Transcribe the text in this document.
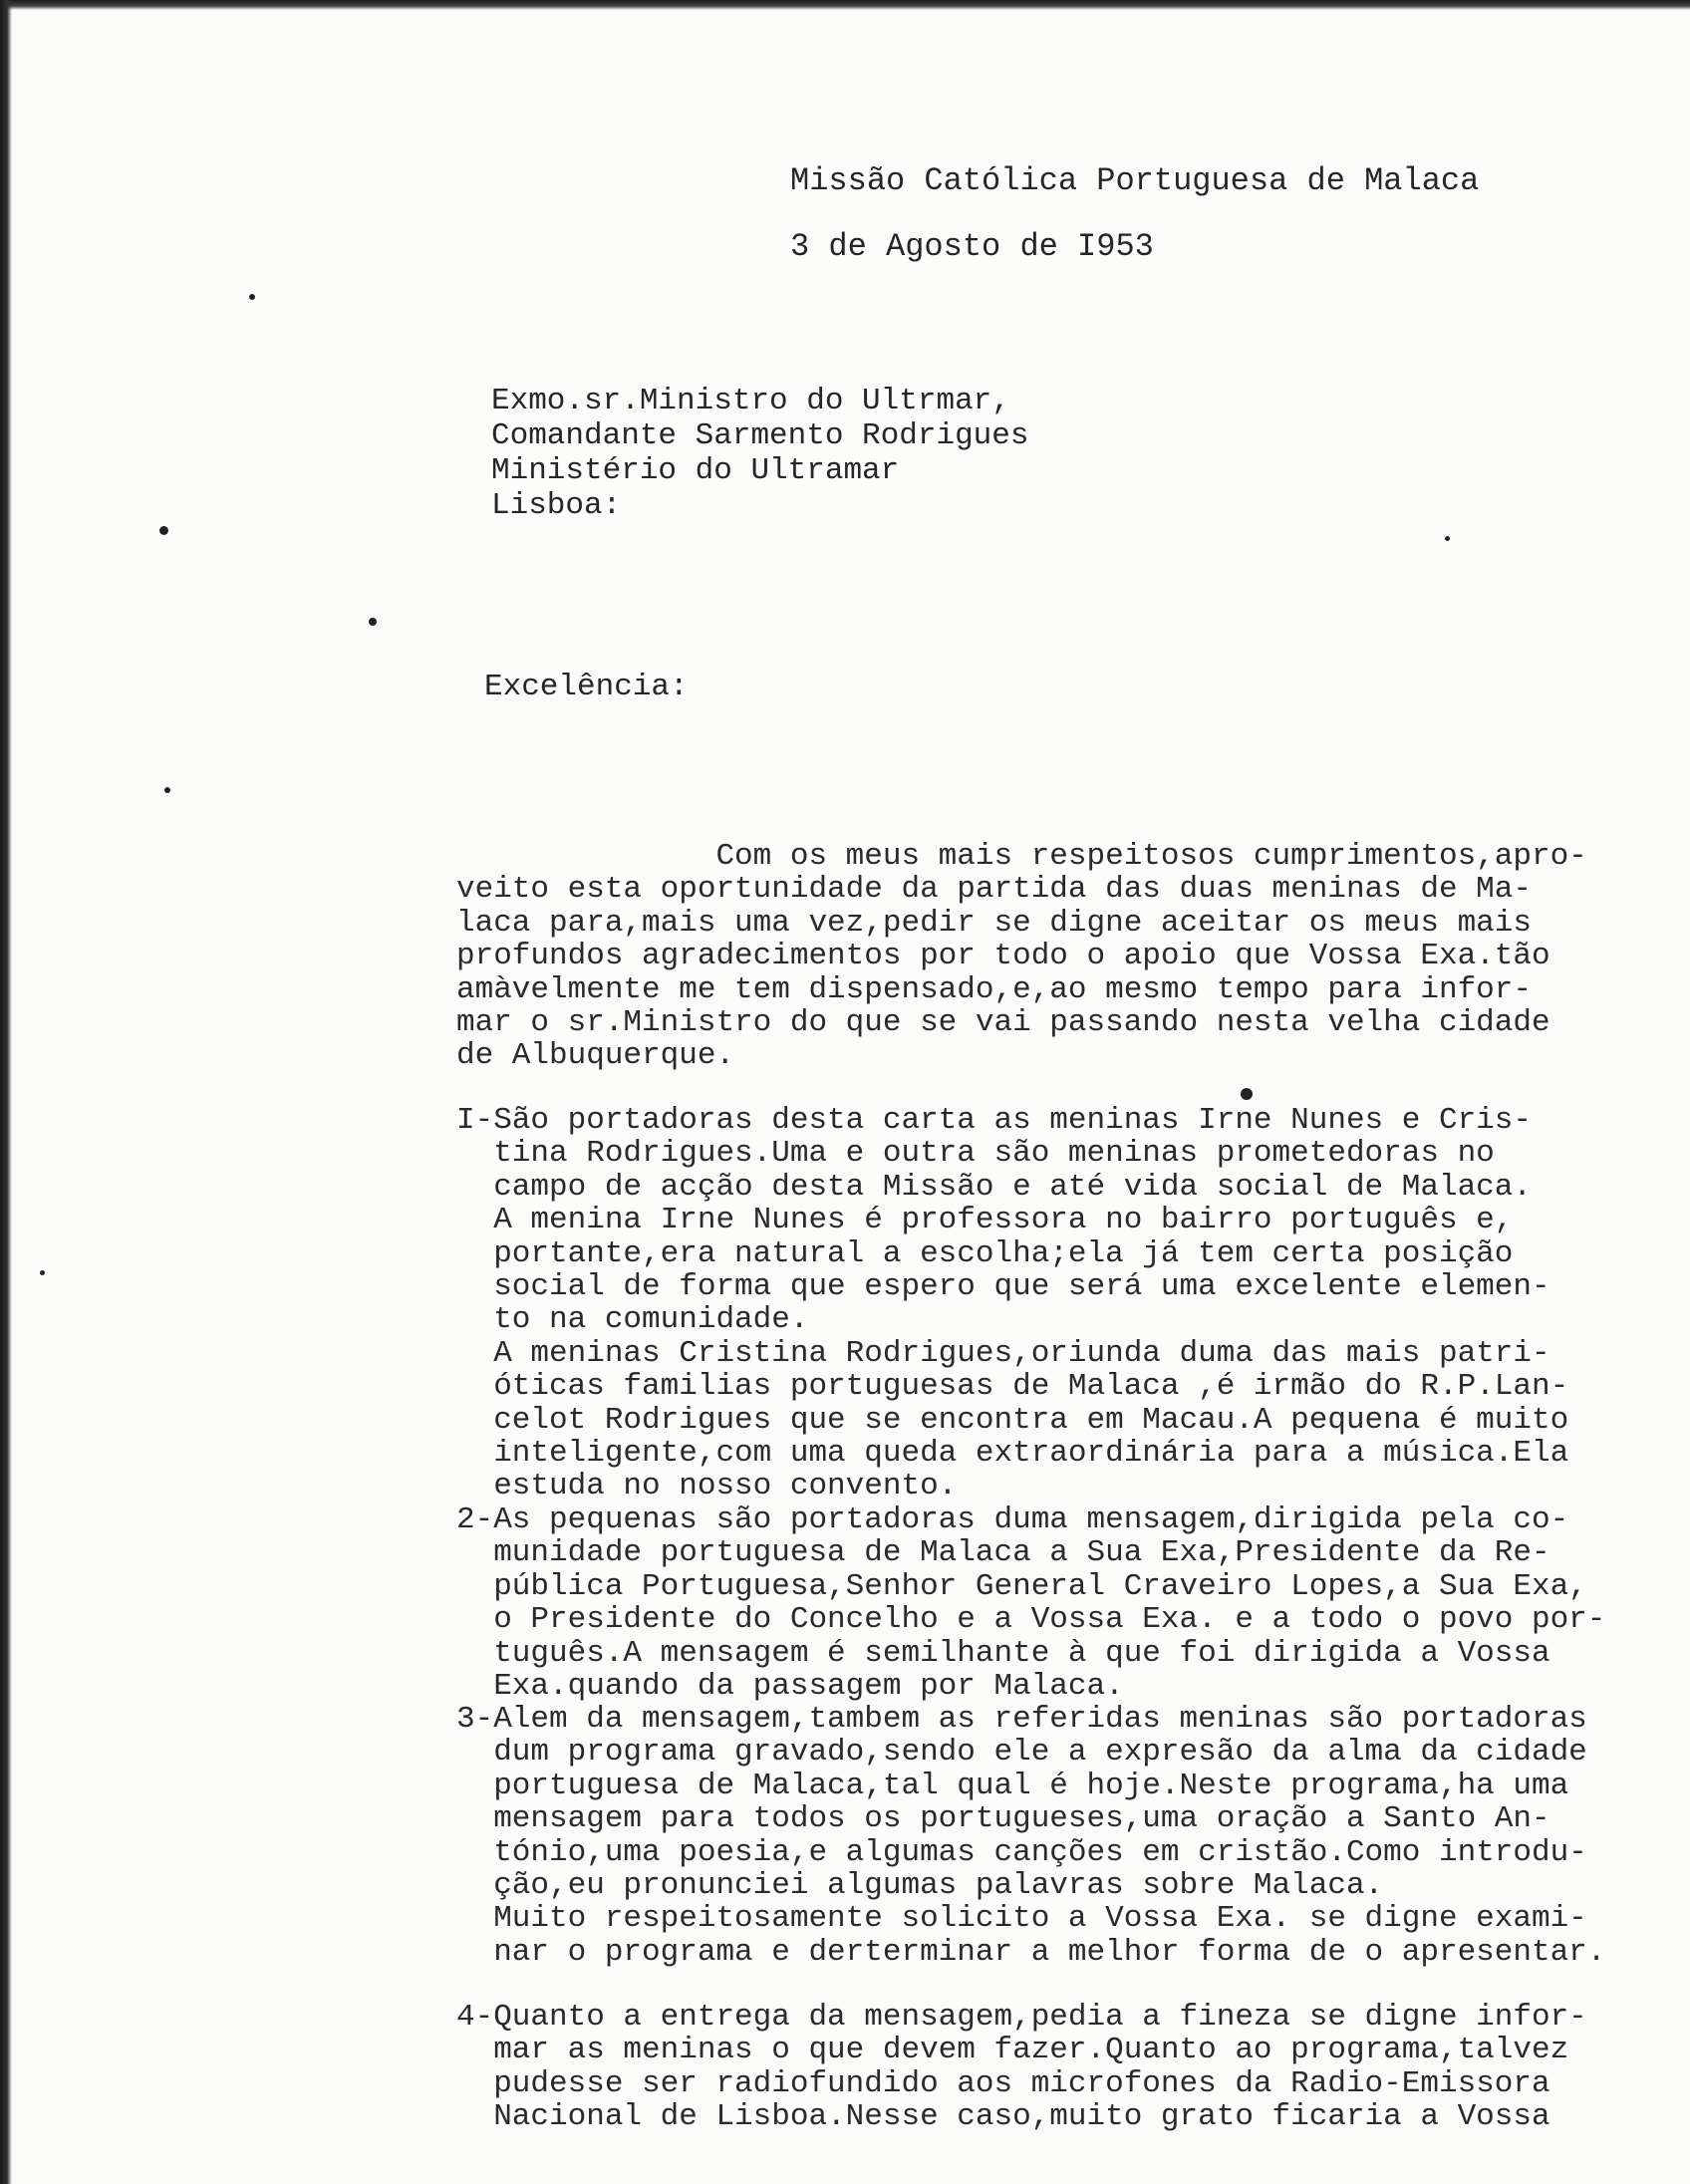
Missão Católica Portuguesa de Malaca
3 de Agosto de I953
Exmo.sr.Ministro do Ultrmar,
Comandante Sarmento Rodrigues
Ministério do Ultramar
Lisboa:
Excelência:
Com os meus mais respeitosos cumprimentos,apro-
veito esta oportunidade da partida das duas meninas de Ma-
laca para,mais uma vez,pedir se digne aceitar os meus mais
profundos agradecimentos por todo o apoio que Vossa Exa.tão
amàvelmente me tem dispensado,e,ao mesmo tempo para infor-
mar o sr.Ministro do que se vai passando nesta velha cidade
de Albuquerque.
I-São portadoras desta carta as meninas Irne Nunes e Cris-
tina Rodrigues.Uma e outra são meninas prometedoras no
campo de acção desta Missão e até vida social de Malaca.
A menina Irne Nunes é professora no bairro português e,
portante,era natural a escolha;ela já tem certa posição
social de forma que espero que será uma excelente elemen-
to na comunidade.
A meninas Cristina Rodrigues,oriunda duma das mais patri-
óticas familias portuguesas de Malaca ,é irmão do R.P.Lan-
celot Rodrigues que se encontra em Macau.A pequena é muito
inteligente,com uma queda extraordinária para a música.Ela
estuda no nosso convento.
2-As pequenas são portadoras duma mensagem,dirigida pela co-
munidade portuguesa de Malaca a Sua Exa,Presidente da Re-
pública Portuguesa,Senhor General Craveiro Lopes,a Sua Exa,
o Presidente do Concelho e a Vossa Exa. e a todo o povo por-
tuguês.A mensagem é semilhante à que foi dirigida a Vossa
Exa.quando da passagem por Malaca.
3-Alem da mensagem,tambem as referidas meninas são portadoras
dum programa gravado,sendo ele a expresão da alma da cidade
portuguesa de Malaca,tal qual é hoje.Neste programa,ha uma
mensagem para todos os portugueses,uma oração a Santo An-
tónio,uma poesia,e algumas canções em cristão.Como introdu-
ção,eu pronunciei algumas palavras sobre Malaca.
Muito respeitosamente solicito a Vossa Exa. se digne exami-
nar o programa e derterminar a melhor forma de o apresentar.
4-Quanto a entrega da mensagem,pedia a fineza se digne infor-
mar as meninas o que devem fazer.Quanto ao programa,talvez
pudesse ser radiofundido aos microfones da Radio-Emissora
Nacional de Lisboa.Nesse caso,muito grato ficaria a Vossa
